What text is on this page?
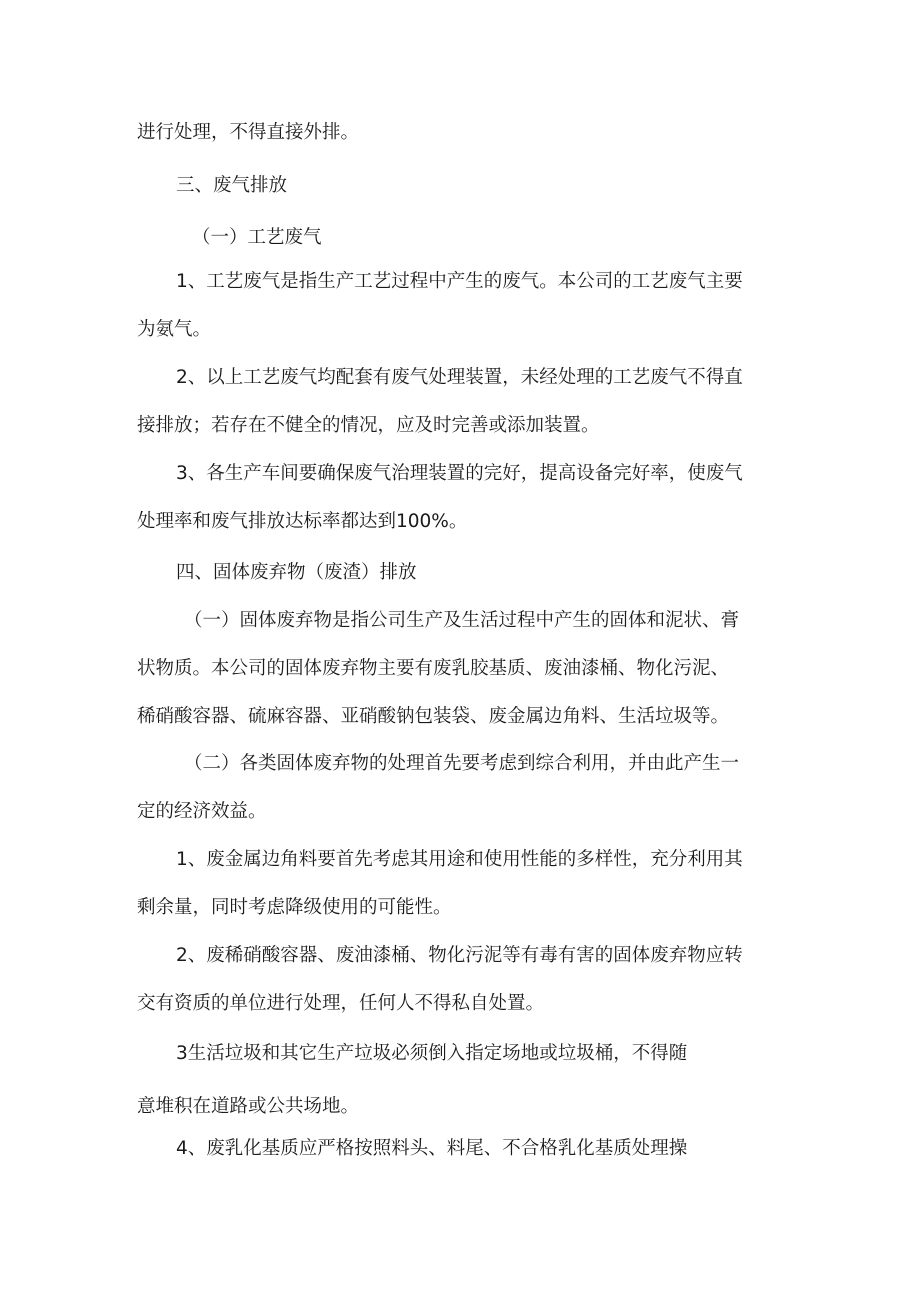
进行处理，不得直接外排。

三、废气排放

（一）工艺废气

1、工艺废气是指生产工艺过程中产生的废气。本公司的工艺废气主要

为氨气。

2、以上工艺废气均配套有废气处理装置，未经处理的工艺废气不得直

接排放；若存在不健全的情况，应及时完善或添加装置。

3、各生产车间要确保废气治理装置的完好，提高设备完好率，使废气

处理率和废气排放达标率都达到100%。

四、固体废弃物（废渣）排放

（一）固体废弃物是指公司生产及生活过程中产生的固体和泥状、膏

状物质。本公司的固体废弃物主要有废乳胶基质、废油漆桶、物化污泥、

稀硝酸容器、硫麻容器、亚硝酸钠包装袋、废金属边角料、生活垃圾等。

（二）各类固体废弃物的处理首先要考虑到综合利用，并由此产生一

定的经济效益。

1、废金属边角料要首先考虑其用途和使用性能的多样性，充分利用其

剩余量，同时考虑降级使用的可能性。

2、废稀硝酸容器、废油漆桶、物化污泥等有毒有害的固体废弃物应转

交有资质的单位进行处理，任何人不得私自处置。

3生活垃圾和其它生产垃圾必须倒入指定场地或垃圾桶，不得随

意堆积在道路或公共场地。

4、废乳化基质应严格按照料头、料尾、不合格乳化基质处理操
